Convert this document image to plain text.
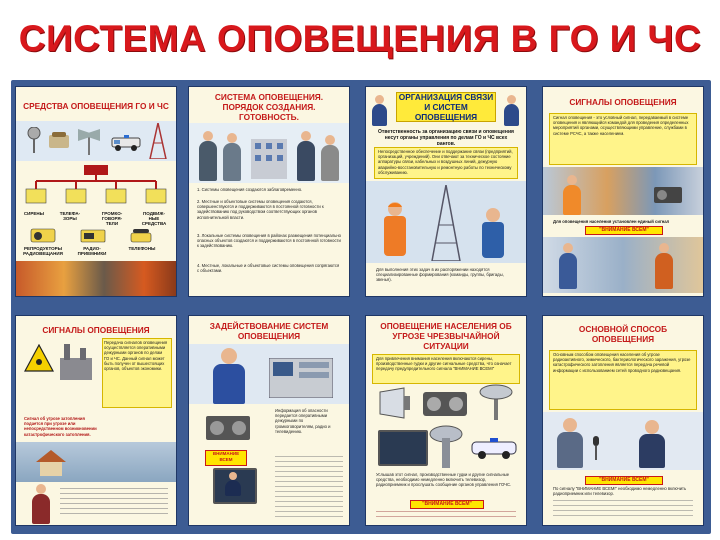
СИСТЕМА ОПОВЕЩЕНИЯ В ГО И ЧС
СРЕДСТВА ОПОВЕЩЕНИЯ ГО И ЧС
СИРЕНЫ	ТЕЛЕФА-ЗОРЫ
ГРОМКО-ГОВОРЯ-ТЕЛИ
ПОДВИЖ-НЫЕ СРЕДСТВА
РЕПРОДУКТОРЫ РАДИОВЕЩАНИЯ
РАДИО-ПРИЕМНИКИ
ТЕЛЕФОНЫ
СИСТЕМА ОПОВЕЩЕНИЯ. ПОРЯДОК СОЗДАНИЯ. ГОТОВНОСТЬ.
1. Системы оповещения создаются заблаговременно.
2. Местные и объектовые системы оповещения создаются, совершенствуются и поддерживаются в постоянной готовности к задействованию под руководством соответствующих органов исполнительной власти.
3. Локальные системы оповещения в районах размещения потенциально опасных объектов создаются и поддерживаются в постоянной готовности к задействованию.
4. Местные, локальные и объектовые системы оповещения сопрягаются с объектами.
ОРГАНИЗАЦИЯ СВЯЗИ И СИСТЕМ ОПОВЕЩЕНИЯ
Ответственность за организацию связи и оповещения несут органы управления по делам ГО и ЧС всех рангов.
Непосредственное обеспечение и поддержание связи (предприятий, организаций, учреждений). Они отвечают за техническое состояние аппаратуры связи, кабельных и воздушных линий, дежурную аварийно-восстановительную и ремонтную работы по техническому обслуживанию.
Для выполнения этих задач в их распоряжении находятся специализированные формирования (команды, группы, бригады, звенья).
СИГНАЛЫ ОПОВЕЩЕНИЯ
Сигнал оповещения - это условный сигнал, передаваемый в системе оповещения и являющийся командой для проведения определенных мероприятий органами, осуществляющими управление, службами в системе РСЧС, а также населением.
Для оповещения населения установлен единый сигнал
"ВНИМАНИЕ ВСЕМ"
СИГНАЛЫ ОПОВЕЩЕНИЯ
Передача сигналов оповещения осуществляется оперативными дежурными органов по делам ГО и ЧС. Данный сигнал может быть получен от вышестоящих органов, объектов экономики.
Сигнал об угрозе затопления подается при угрозе или непосредственном возникновении катастрофического затопления.
ЗАДЕЙСТВОВАНИЕ СИСТЕМ ОПОВЕЩЕНИЯ
Информация об опасности передается оперативными дежурными по громкоговорителям, радио и телевидению.
ВНИМАНИЕ ВСЕМ
ОПОВЕЩЕНИЕ НАСЕЛЕНИЯ ОБ УГРОЗЕ ЧРЕЗВЫЧАЙНОЙ СИТУАЦИИ
Для привлечения внимания населения включаются сирены, производственные гудки и другие сигнальные средства, что означает передачу предупредительного сигнала "ВНИМАНИЕ ВСЕМ!"
Услышав этот сигнал, производственные гудки и другие сигнальные средства, необходимо немедленно включить телевизор, радиоприемник и прослушать сообщение органов управления ГОЧС.
"ВНИМАНИЕ ВСЕМ"
ОСНОВНОЙ СПОСОБ ОПОВЕЩЕНИЯ
Основным способом оповещения населения об угрозе радиоактивного, химического, бактериологического заражения, угрозе катастрофического затопления является передача речевой информации с использованием сетей проводного радиовещания.
"ВНИМАНИЕ ВСЕМ"
По сигналу "ВНИМАНИЕ ВСЕМ!" необходимо немедленно включить радиоприемник или телевизор.
